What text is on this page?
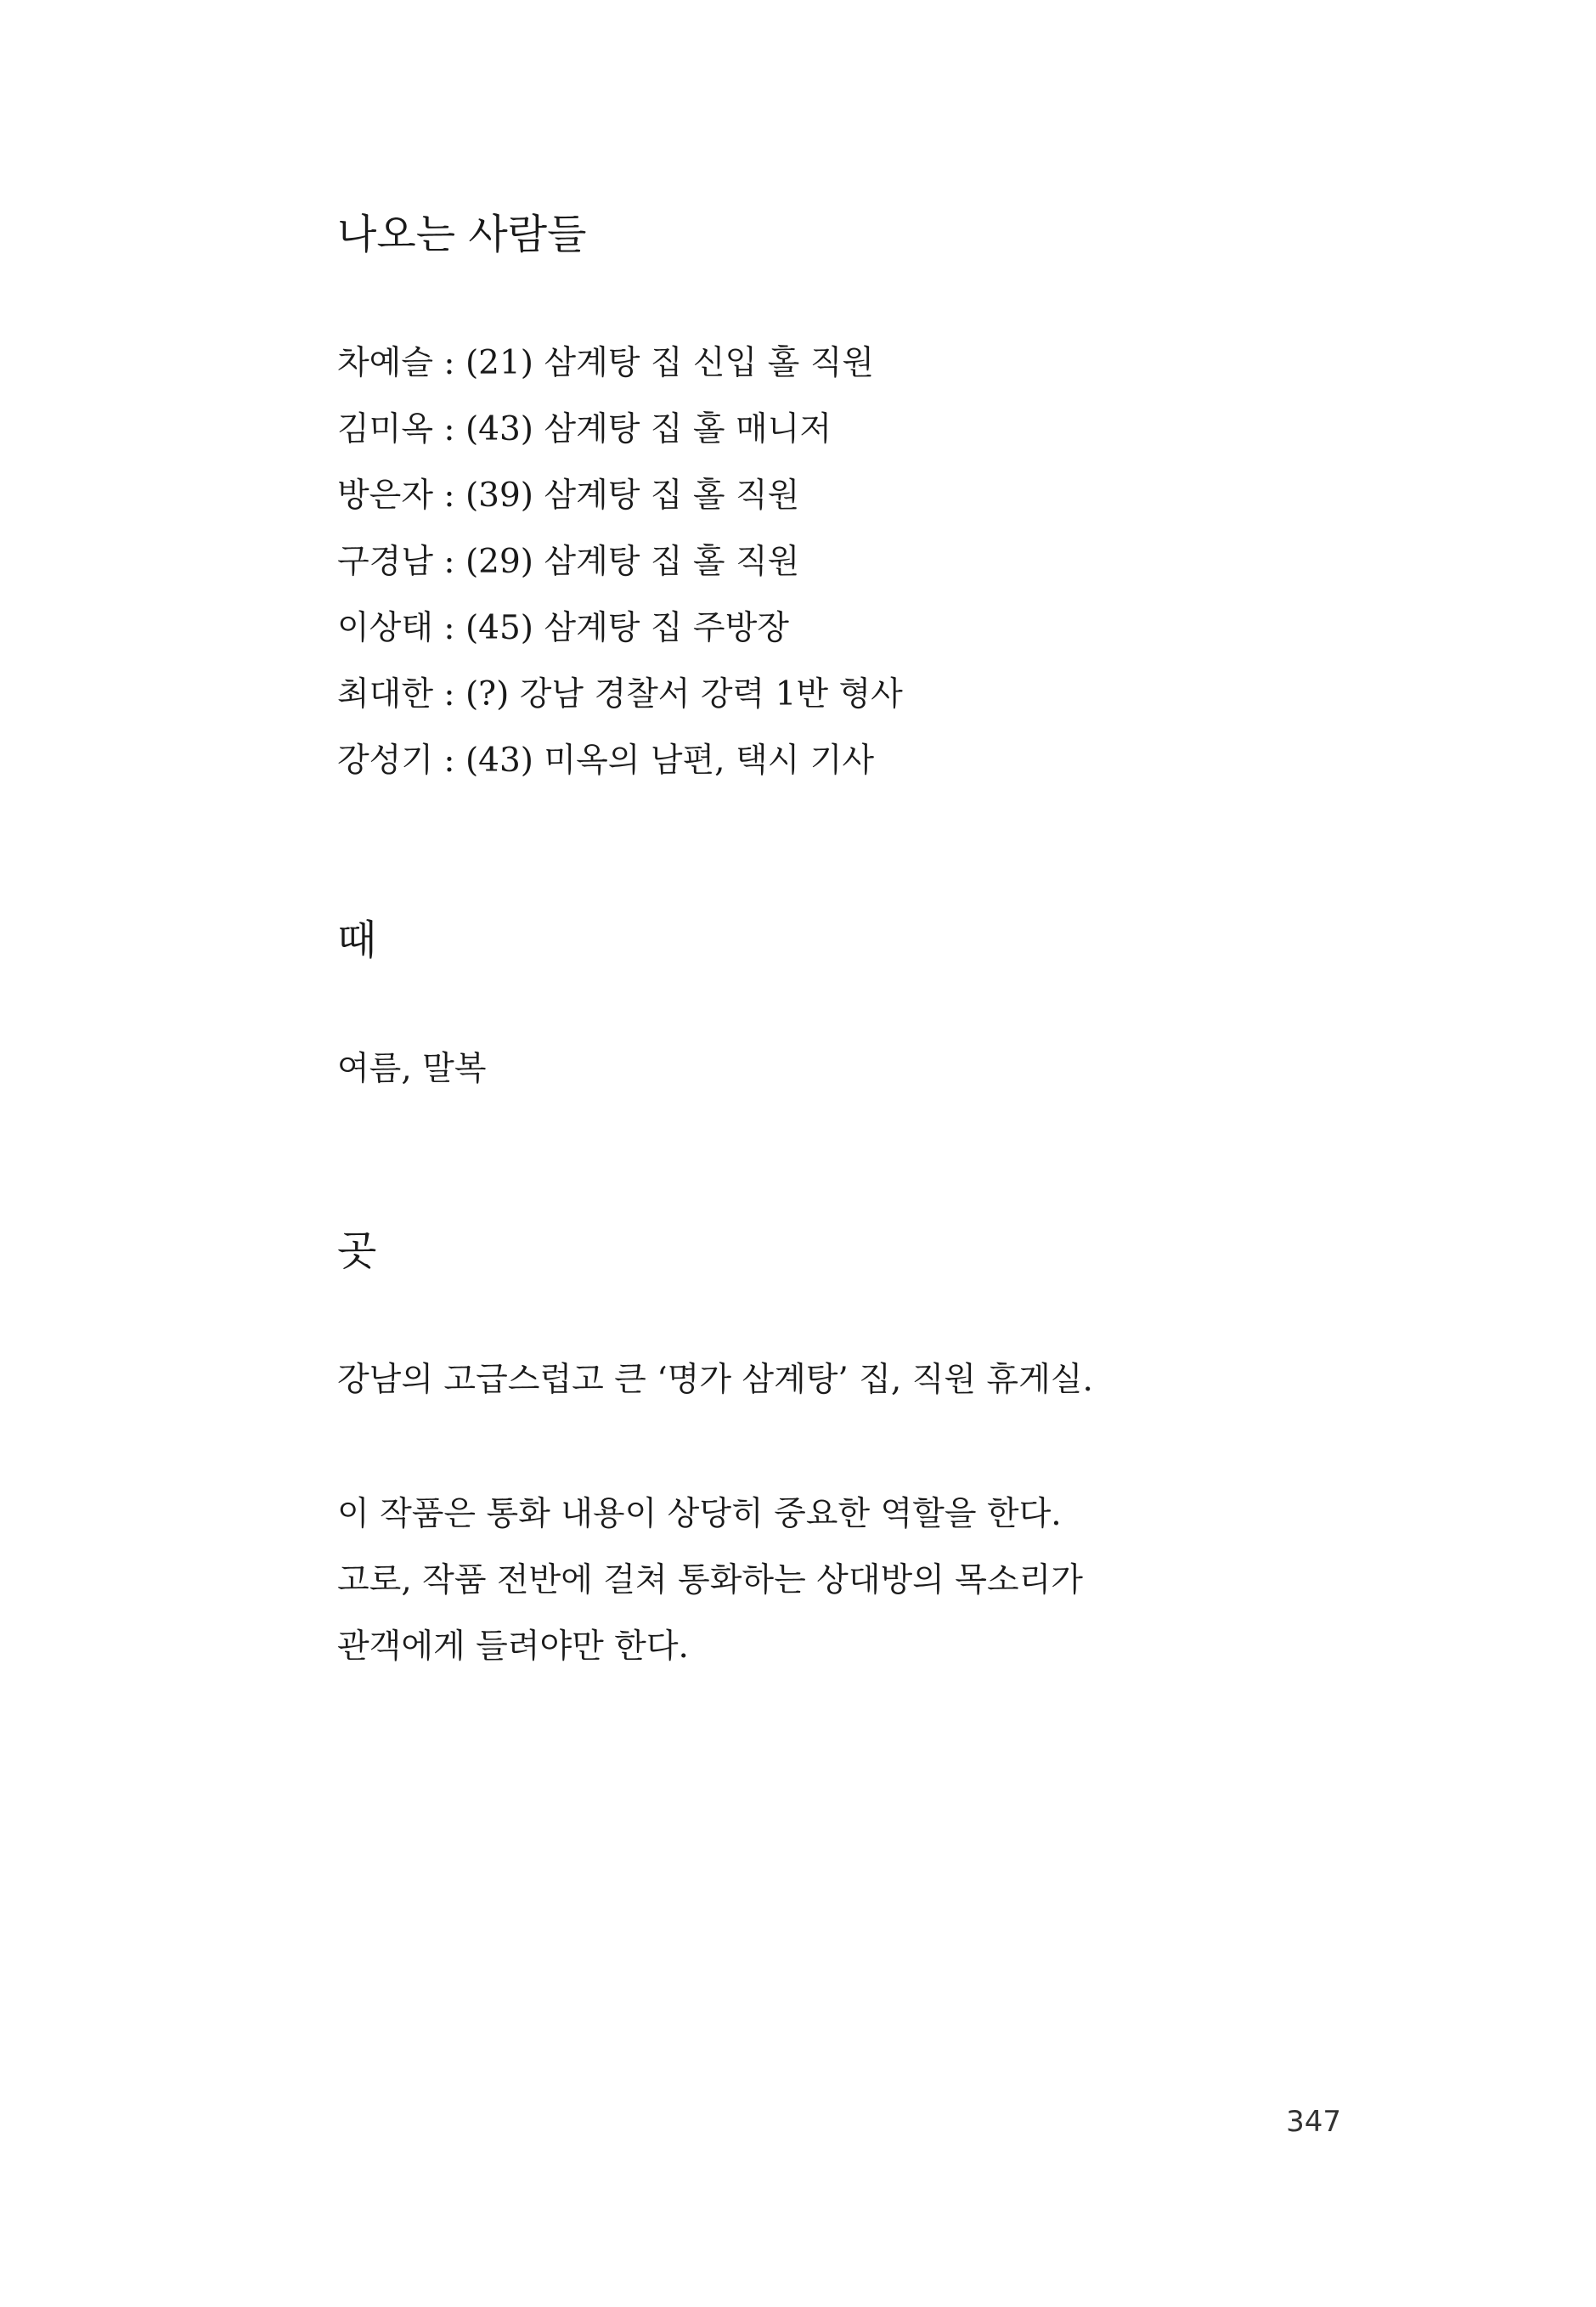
나오는 사람들
차예슬 : (21) 삼계탕 집 신입 홀 직원
김미옥 : (43) 삼계탕 집 홀 매니저
방은자 : (39) 삼계탕 집 홀 직원
구경남 : (29) 삼계탕 집 홀 직원
이상태 : (45) 삼계탕 집 주방장
최대한 : (?) 강남 경찰서 강력 1반 형사
강성기 : (43) 미옥의 남편, 택시 기사
때

여름, 말복

곳

강남의 고급스럽고 큰 ‘명가 삼계탕’ 집, 직원 휴게실.

이 작품은 통화 내용이 상당히 중요한 역할을 한다.

고로, 작품 전반에 걸쳐 통화하는 상대방의 목소리가

관객에게 들려야만 한다.

347
